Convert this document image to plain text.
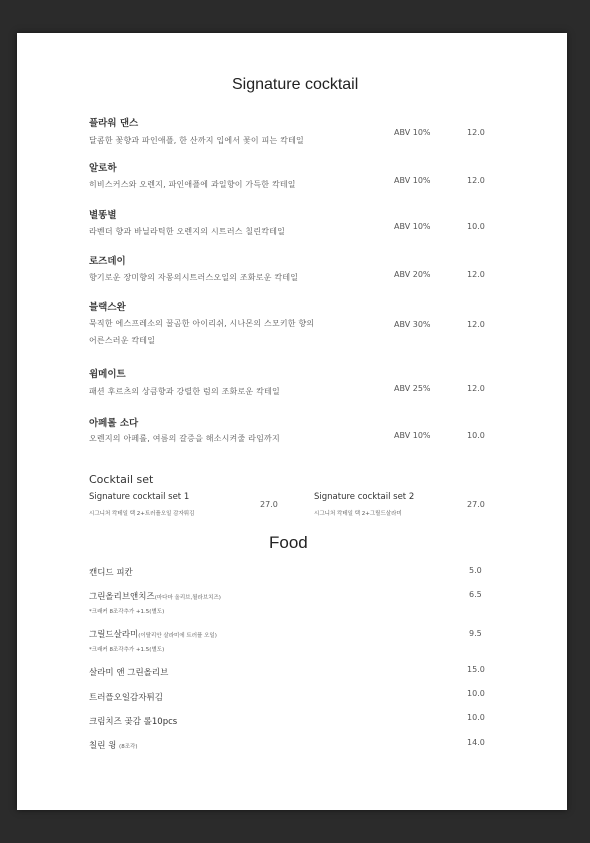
Signature cocktail
플라워 댄스
달콤한 꽃향과 파인애플, 한 산까지 입에서 꽃이 피는 칵테일
ABV 10%	12.0
알로하
히비스커스와 오렌지, 파인애플에 과일향이 가득한 칵테일	ABV 10%	12.0
별똥별
라벤더 향과 바닐라틱한 오렌지의 시트러스 칠린칵테일
ABV 10%	10.0
로즈데이
향기로운 장미향의 자몽의시트러스오일의 조화로운 칵테일	ABV 20%	12.0
블랙스완
묵직한 에스프레소의 꿀곰한 아이리쉬, 시나몬의 스모키한 향의
어른스러운 칵테일
ABV 30%	12.0
윔메이트
패션 후르츠의 상큼향과 강렬한 럼의 조화로운 칵테일	ABV 25%	12.0
아페롤 소다
오렌지의 아페롤, 여름의 갈증을 해소시켜줄 라임까지	ABV 10%	10.0
Cocktail set
Signature cocktail set 1
시그니처 칵테일 택 2+트러플오일 감자튀김
27.0
Signature cocktail set 2
시그니처 칵테일 택 2+그릴드살라미
27.0
Food
캔디드 피칸	5.0
그린올리브앤치즈(마다마 올리브,될라브치즈)
*크래커 8조각추가 +1.5(별도)
6.5
그릴드살라미(이탈리안 살라미에 트러플 오일)
*크래커 8조각추가 +1.5(별도)
9.5
살라미 앤 그린올리브	15.0
트러플오일감자튀김	10.0
크림치즈 곶감 롤10pcs	10.0
칠린 윙 (8조각)	14.0
